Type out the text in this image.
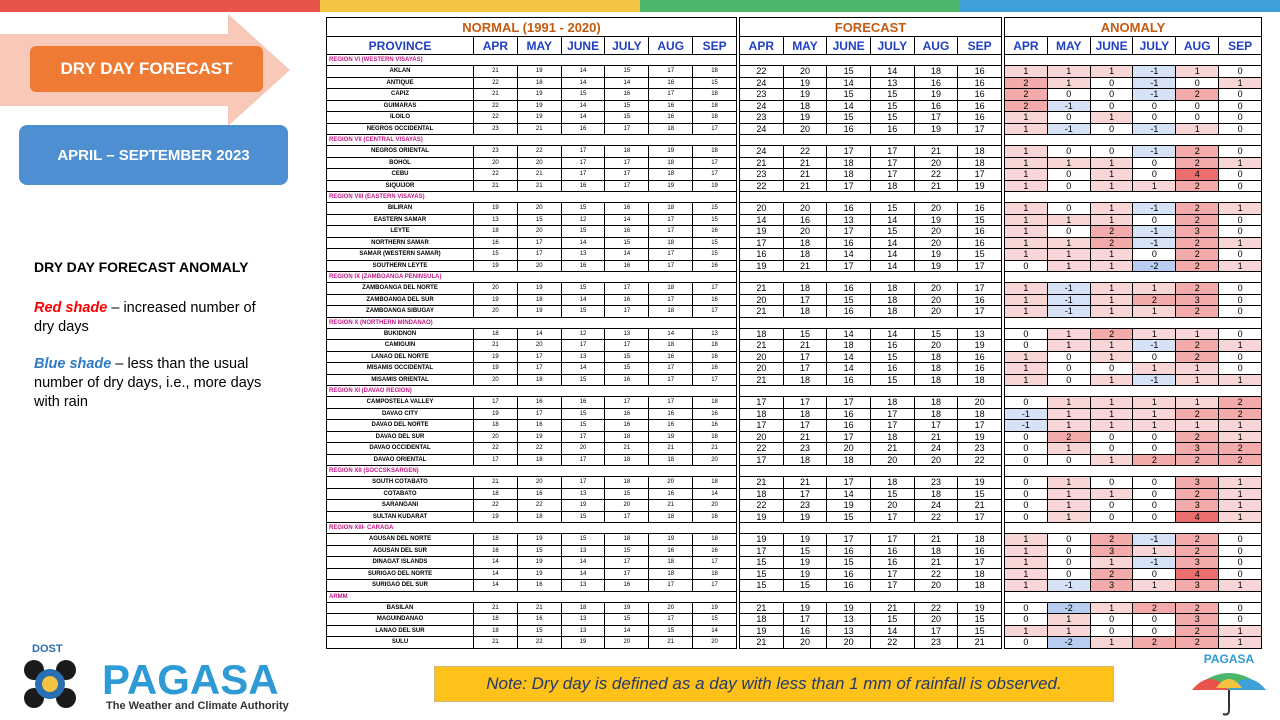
DRY DAY FORECAST
APRIL – SEPTEMBER 2023
DRY DAY FORECAST ANOMALY

Red shade – increased number of dry days

Blue shade – less than the usual number of dry days, i.e., more days with rain

DOST
PAGASA
The Weather and Climate Authority
Note: Dry day is defined as a day with less than 1 mm of rainfall is observed.
PAGASA
NORMAL (1991 - 2020)						
PROVINCE	APR	MAY	JUNE	JULY	AUG	SEP
REGION VI (WESTERN VISAYAS)						
AKLAN	21	19	14	15	17	18
ANTIQUE	22	18	14	14	16	15
CAPIZ	21	19	15	16	17	18
GUIMARAS	22	19	14	15	16	18
ILOILO	22	19	14	15	16	18
NEGROS OCCIDENTAL	23	21	16	17	18	17
REGION VII (CENTRAL VISAYAS)						
NEGROS ORIENTAL	23	22	17	18	19	18
BOHOL	20	20	17	17	18	17
CEBU	22	21	17	17	18	17
SIQUIJOR	21	21	16	17	19	19
REGION VIII (EASTERN VISAYAS)						
BILIRAN	19	20	15	16	18	15
EASTERN SAMAR	13	15	12	14	17	15
LEYTE	18	20	15	16	17	16
NORTHERN SAMAR	16	17	14	15	18	15
SAMAR (WESTERN SAMAR)	15	17	13	14	17	15
SOUTHERN LEYTE	19	20	16	16	17	16
REGION IX (ZAMBOANGA PENINSULA)						
ZAMBOANGA DEL NORTE	20	19	15	17	18	17
ZAMBOANGA DEL SUR	19	18	14	16	17	16
ZAMBOANGA SIBUGAY	20	19	15	17	18	17
REGION X (NORTHERN MINDANAO)						
BUKIDNON	18	14	12	13	14	13
CAMIGUIN	21	20	17	17	18	18
LANAO DEL NORTE	19	17	13	15	16	16
MISAMIS OCCIDENTAL	19	17	14	15	17	16
MISAMIS ORIENTAL	20	18	15	16	17	17
REGION XI (DAVAO REGION)						
CAMPOSTELA VALLEY	17	16	16	17	17	18
DAVAO CITY	19	17	15	16	16	16
DAVAO DEL NORTE	18	16	15	16	16	16
DAVAO DEL SUR	20	19	17	18	19	18
DAVAO OCCIDENTAL	22	22	20	21	21	21
DAVAO ORIENTAL	17	18	17	18	18	20
REGION XII (SOCCSKSARGEN)						
SOUTH COTABATO	21	20	17	18	20	18
COTABATO	18	16	13	15	16	14
SARANGANI	22	22	19	20	21	20
SULTAN KUDARAT	19	18	15	17	18	16
REGION XIII- CARAGA						
AGUSAN DEL NORTE	18	19	15	18	19	18
AGUSAN DEL SUR	16	15	13	15	16	16
DINAGAT ISLANDS	14	19	14	17	18	17
SURIGAO DEL NORTE	14	19	14	17	18	18
SURIGAO DEL SUR	14	16	13	16	17	17
ARMM						
BASILAN	21	21	18	19	20	19
MAGUINDANAO	18	16	13	15	17	15
LANAO DEL SUR	18	15	13	14	15	14
SULU	21	22	19	20	21	20
FORECAST					
APR	MAY	JUNE	JULY	AUG	SEP

22	20	15	14	18	16
24	19	14	13	16	16
23	19	15	15	19	16
24	18	14	15	16	16
23	19	15	15	17	16
24	20	16	16	19	17

24	22	17	17	21	18
21	21	18	17	20	18
23	21	18	17	22	17
22	21	17	18	21	19

20	20	16	15	20	16
14	16	13	14	19	15
19	20	17	15	20	16
17	18	16	14	20	16
16	18	14	14	19	15
19	21	17	14	19	17

21	18	16	18	20	17
20	17	15	18	20	16
21	18	16	18	20	17

18	15	14	14	15	13
21	21	18	16	20	19
20	17	14	15	18	16
20	17	14	16	18	16
21	18	16	15	18	18

17	17	17	18	18	20
18	18	16	17	18	18
17	17	16	17	17	17
20	21	17	18	21	19
22	23	20	21	24	23
17	18	18	20	20	22

21	21	17	18	23	19
18	17	14	15	18	15
22	23	19	20	24	21
19	19	15	17	22	17

19	19	17	17	21	18
17	15	16	16	18	16
15	19	15	16	21	17
15	19	16	17	22	18
15	15	16	17	20	18

21	19	19	21	22	19
18	17	13	15	20	15
19	16	13	14	17	15
21	20	20	22	23	21
ANOMALY					
APR	MAY	JUNE	JULY	AUG	SEP

1	1	1	-1	1	0
2	1	0	-1	0	1
2	0	0	-1	2	0
2	-1	0	0	0	0
1	0	1	0	0	0
1	-1	0	-1	1	0

1	0	0	-1	2	0
1	1	1	0	2	1
1	0	1	0	4	0
1	0	1	1	2	0

1	0	1	-1	2	1
1	1	1	0	2	0
1	0	2	-1	3	0
1	1	2	-1	2	1
1	1	1	0	2	0
0	1	1	-2	2	1

1	-1	1	1	2	0
1	-1	1	2	3	0
1	-1	1	1	2	0

0	1	2	1	1	0
0	1	1	-1	2	1
1	0	1	0	2	0
1	0	0	1	1	0
1	0	1	-1	1	1

0	1	1	1	1	2
-1	1	1	1	2	2
-1	1	1	1	1	1
0	2	0	0	2	1
0	1	0	0	3	2
0	0	1	2	2	2

0	1	0	0	3	1
0	1	1	0	2	1
0	1	0	0	3	1
0	1	0	0	4	1

1	0	2	-1	2	0
1	0	3	1	2	0
1	0	1	-1	3	0
1	0	2	0	4	0
1	-1	3	1	3	1

0	-2	1	2	2	0
0	1	0	0	3	0
1	1	0	0	2	1
0	-2	1	2	2	1
